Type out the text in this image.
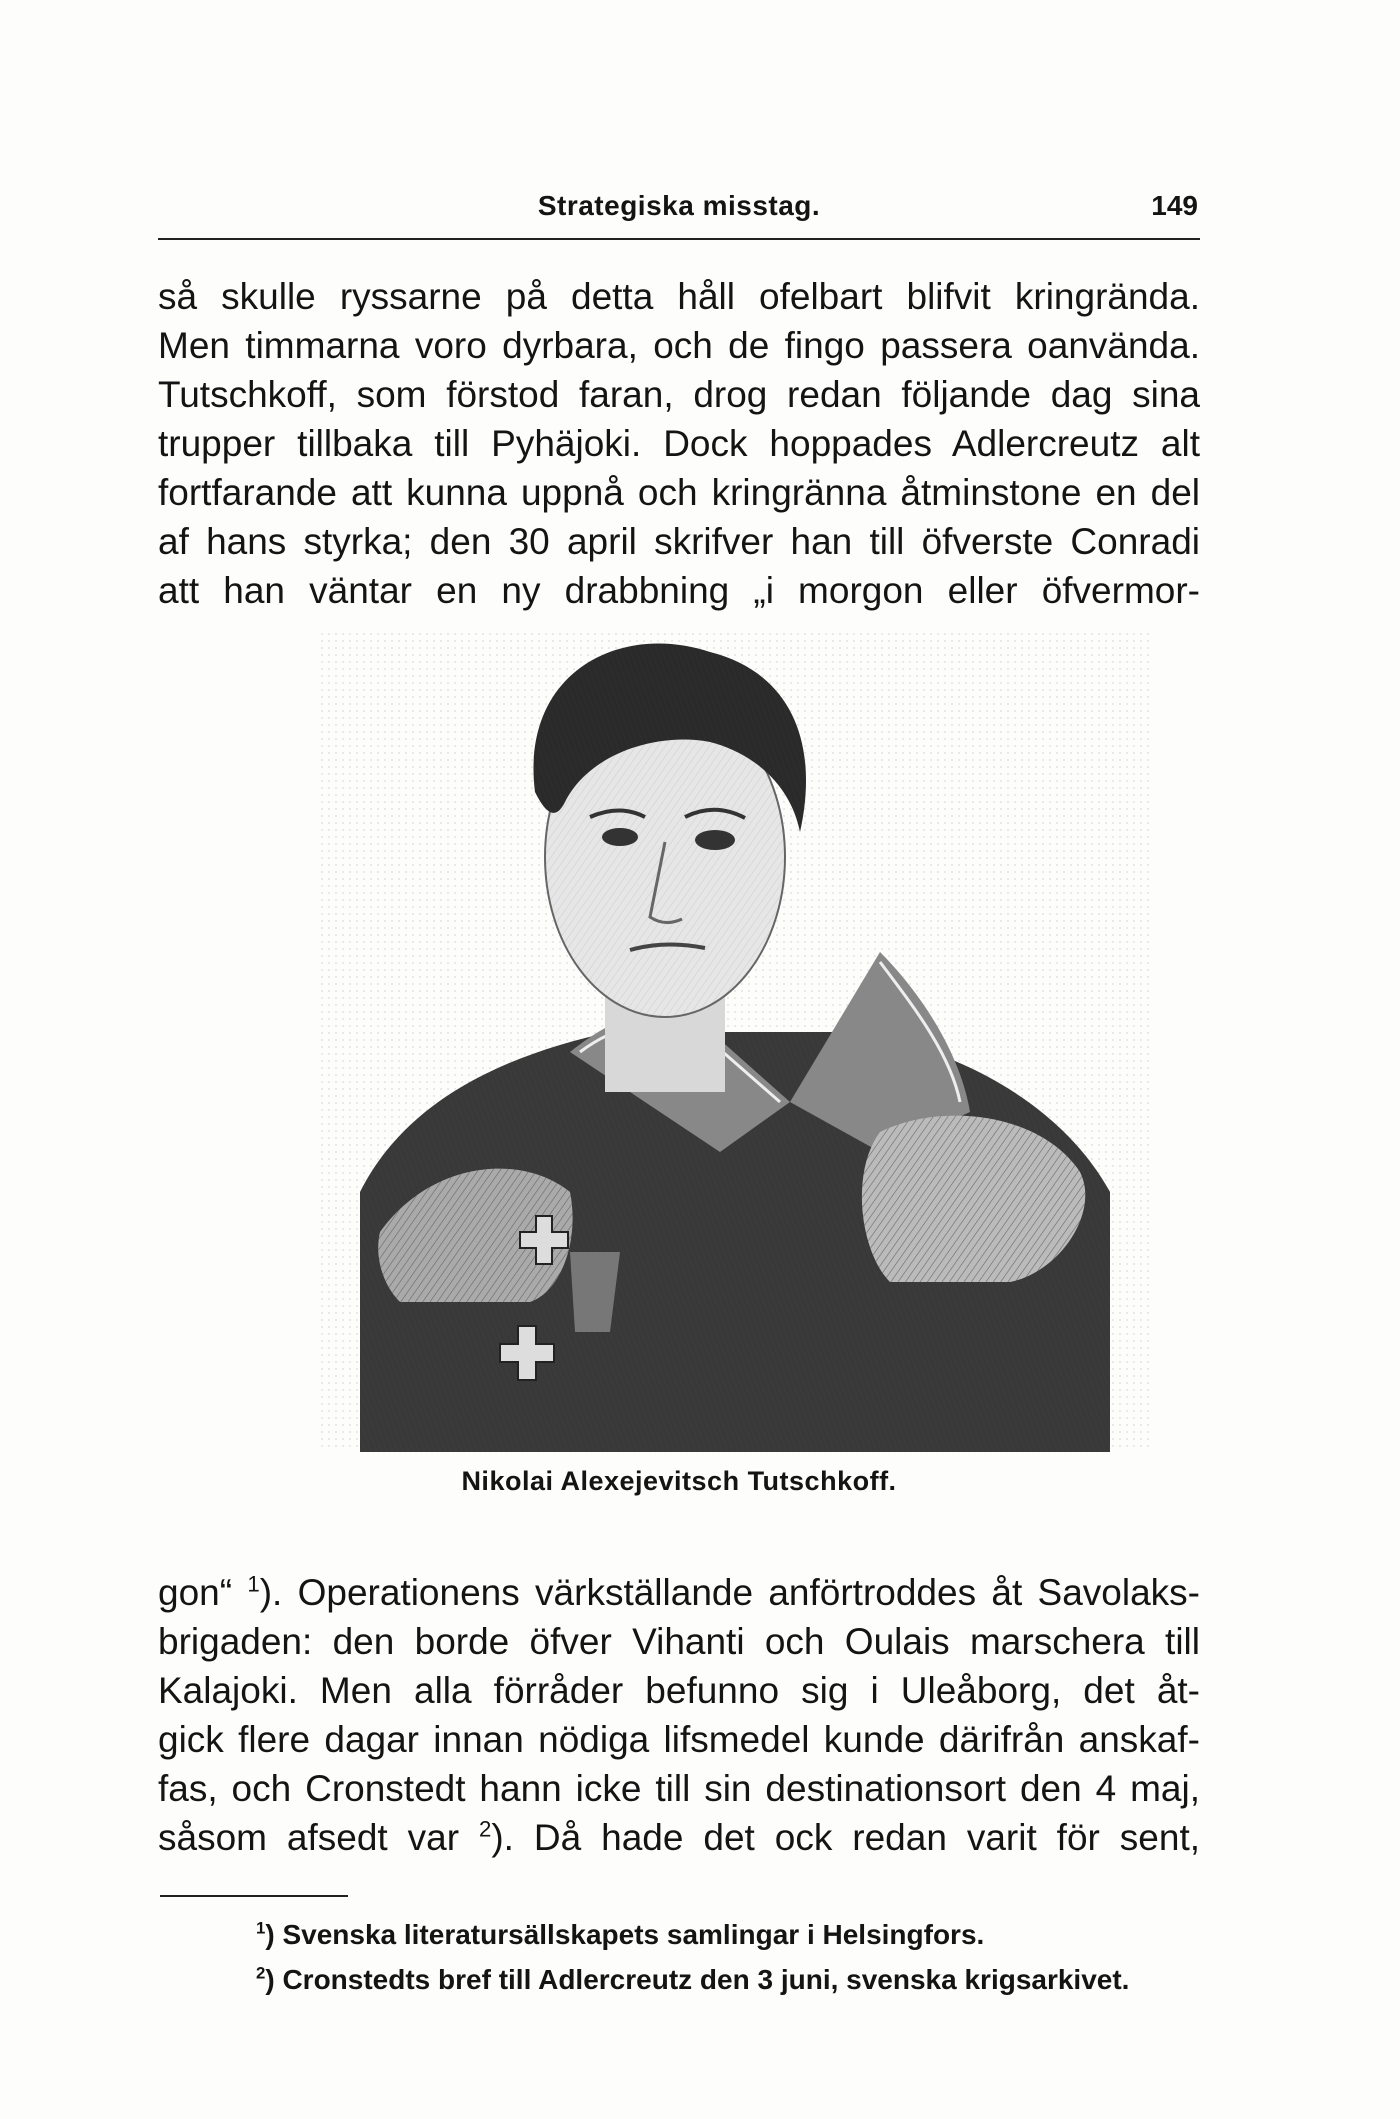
Strategiska misstag.	149
så skulle ryssarne på detta håll ofelbart blifvit kringrända.
Men timmarna voro dyrbara, och de fingo passera oanvända.
Tutschkoff, som förstod faran, drog redan följande dag sina
trupper tillbaka till Pyhäjoki. Dock hoppades Adlercreutz alt
fortfarande att kunna uppnå och kringränna åtminstone en del
af hans styrka; den 30 april skrifver han till öfverste Conradi
att han väntar en ny drabbning „i morgon eller öfvermor-
Nikolai Alexejevitsch Tutschkoff.
gon“ $^1$). Operationens värkställande anförtroddes åt Savolaks-
brigaden: den borde öfver Vihanti och Oulais marschera till
Kalajoki. Men alla förråder befunno sig i Uleåborg, det åt-
gick flere dagar innan nödiga lifsmedel kunde därifrån anskaf-
fas, och Cronstedt hann icke till sin destinationsort den 4 maj,
såsom afsedt var $^2$). Då hade det ock redan varit för sent,
$^1$) Svenska literatursällskapets samlingar i Helsingfors.
$^2$) Cronstedts bref till Adlercreutz den 3 juni, svenska krigsarkivet.
